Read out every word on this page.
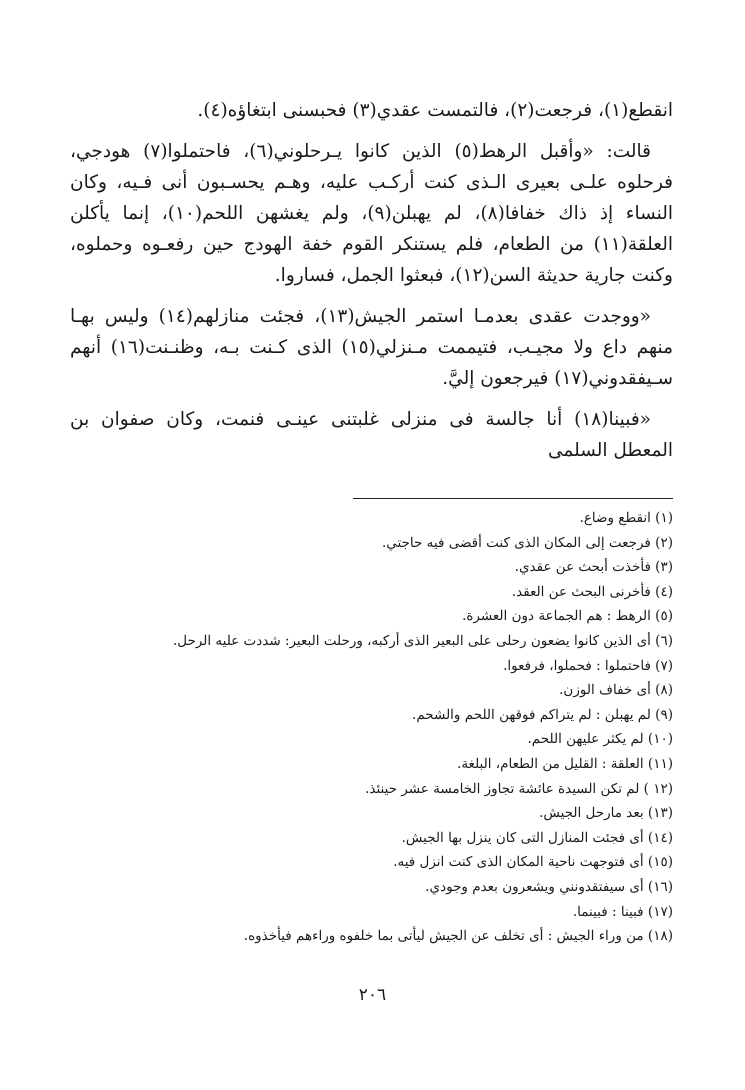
انقطع(١)، فرجعت(٢)، فالتمست عقدي(٣) فحبسنى ابتغاؤه(٤).

قالت: «وأقبل الرهط(٥) الذين كانوا يـرحلوني(٦)، فاحتملوا(٧) هودجي، فرحلوه علـى بعيرى الـذى كنت أركـب عليه، وهـم يحسـبون أنى فـيه، وكان النساء إذ ذاك خفافا(٨)، لم يهبلن(٩)، ولم يغشهن اللحم(١٠)، إنما يأكلن العلقة(١١) من الطعام، فلم يستنكر القوم خفة الهودج حين رفعـوه وحملوه، وكنت جارية حديثة السن(١٢)، فبعثوا الجمل، فساروا.

«ووجدت عقدى بعدمـا استمر الجيش(١٣)، فجئت منازلهم(١٤) وليس بهـا منهم داع ولا مجيـب، فتيممت مـنزلي(١٥) الذى كـنت بـه، وظنـنت(١٦) أنهم سـيفقدوني(١٧) فيرجعون إليَّ.

«فبينا(١٨) أنا جالسة فى منزلى غلبتنى عينـى فنمت، وكان صفوان بن المعطل السلمى

(١) انقطع وضاع.
(٢) فرجعت إلى المكان الذى كنت أقضى فيه حاجتي.
(٣) فأخذت أبحث عن عقدي.
(٤) فأخرنى البحث عن العقد.
(٥) الرهط : هم الجماعة دون العشرة.
(٦) أى الذين كانوا يضعون رحلى على البعير الذى أركبه، ورحلت البعير: شددت عليه الرحل.
(٧) فاحتملوا : فحملوا، فرفعوا.
(٨) أى خفاف الوزن.
(٩) لم يهبلن : لم يتراكم فوقهن اللحم والشحم.
(١٠) لم يكثر عليهن اللحم.
(١١) العلقة : القليل من الطعام، البلغة.
(١٢ ) لم تكن السيدة عائشة تجاوز الخامسة عشر حينئذ.
(١٣) بعد مارحل الجيش.
(١٤) أى فجئت المنازل التى كان ينزل بها الجيش.
(١٥) أى فتوجهت ناحية المكان الذى كنت انزل فيه.
(١٦) أى سيفتقدونني ويشعرون بعدم وجودي.
(١٧) فبينا : فبينما.
(١٨) من وراء الجيش : أى تخلف عن الجيش ليأتى بما خلفوه وراءهم فيأخذوه.
٢٠٦
